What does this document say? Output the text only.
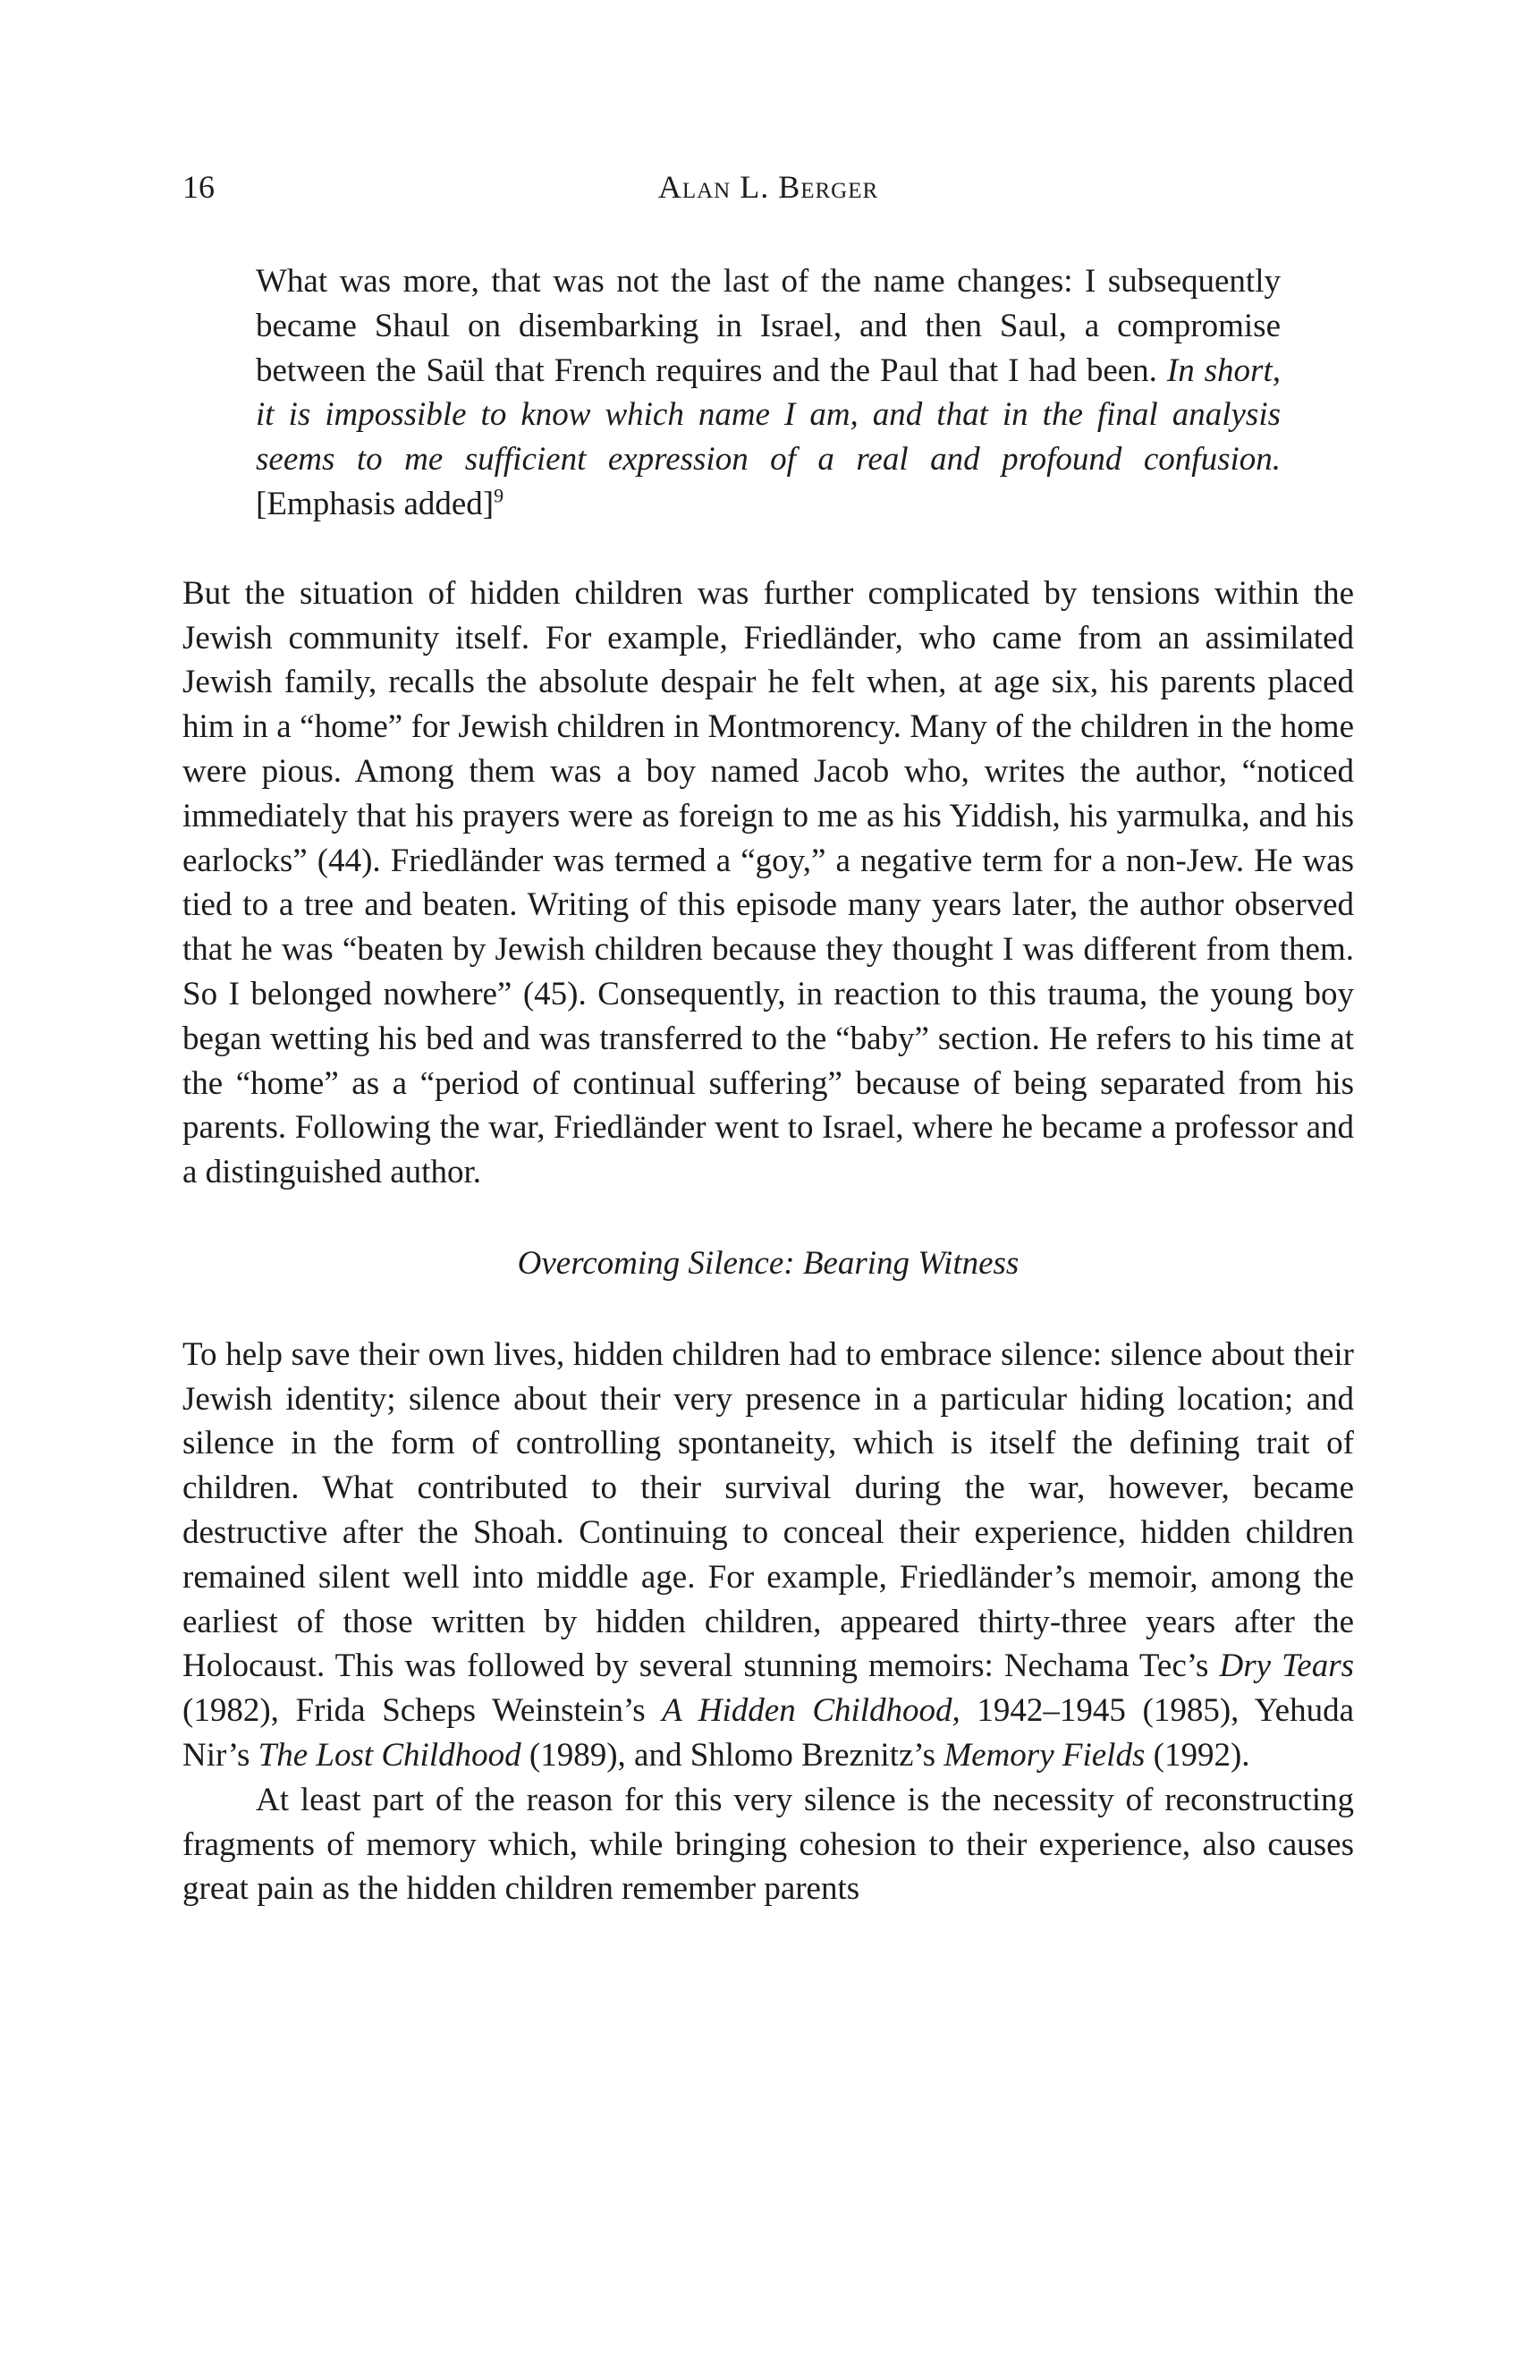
16	Alan L. Berger

What was more, that was not the last of the name changes: I subsequently became Shaul on disembarking in Israel, and then Saul, a compromise between the Saül that French requires and the Paul that I had been. In short, it is impossible to know which name I am, and that in the final analysis seems to me sufficient expression of a real and profound confusion. [Emphasis added]$^9$

But the situation of hidden children was further complicated by tensions within the Jewish community itself. For example, Friedländer, who came from an assimilated Jewish family, recalls the absolute despair he felt when, at age six, his parents placed him in a “home” for Jewish children in Montmorency. Many of the children in the home were pious. Among them was a boy named Jacob who, writes the author, “noticed immediately that his prayers were as foreign to me as his Yiddish, his yarmulka, and his earlocks” (44). Friedländer was termed a “goy,” a negative term for a non-Jew. He was tied to a tree and beaten. Writing of this episode many years later, the author observed that he was “beaten by Jewish children because they thought I was different from them. So I belonged nowhere” (45). Consequently, in reaction to this trauma, the young boy began wetting his bed and was transferred to the “baby” section. He refers to his time at the “home” as a “period of continual suffering” because of being separated from his parents. Following the war, Friedländer went to Israel, where he became a professor and a distinguished author.

Overcoming Silence: Bearing Witness

To help save their own lives, hidden children had to embrace silence: silence about their Jewish identity; silence about their very presence in a particular hiding location; and silence in the form of controlling spontaneity, which is itself the defining trait of children. What contributed to their survival during the war, however, became destructive after the Shoah. Continuing to conceal their experience, hidden children remained silent well into middle age. For example, Friedländer’s memoir, among the earliest of those written by hidden children, appeared thirty-three years after the Holocaust. This was followed by several stunning memoirs: Nechama Tec’s Dry Tears (1982), Frida Scheps Weinstein’s A Hidden Childhood, 1942–1945 (1985), Yehuda Nir’s The Lost Childhood (1989), and Shlomo Breznitz’s Memory Fields (1992).

At least part of the reason for this very silence is the necessity of reconstructing fragments of memory which, while bringing cohesion to their experience, also causes great pain as the hidden children remember parents
